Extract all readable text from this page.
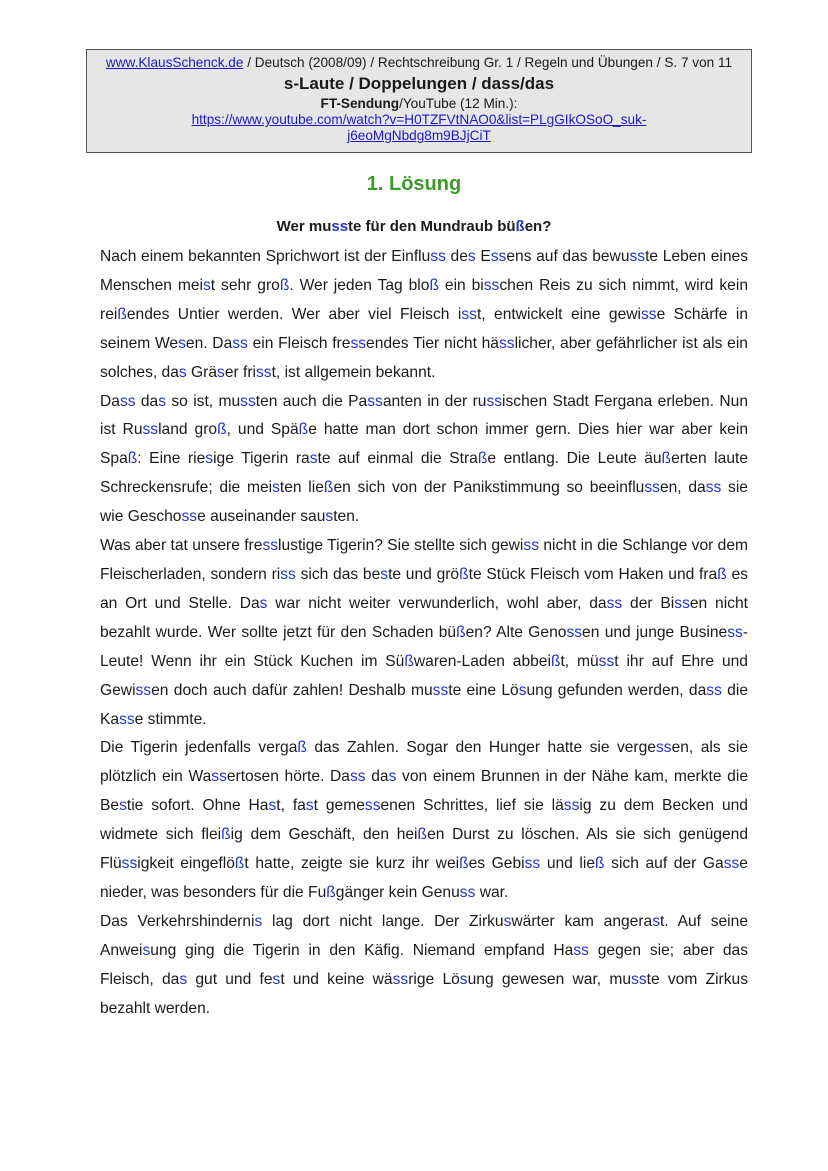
www.KlausSchenck.de / Deutsch (2008/09) / Rechtschreibung Gr. 1 / Regeln und Übungen / S. 7 von 11
s-Laute / Doppelungen / dass/das
FT-Sendung/YouTube (12 Min.):
https://www.youtube.com/watch?v=H0TZFVtNAO0&list=PLgGIkOSoO_suk-j6eoMgNbdg8m9BJjCiT
1. Lösung
Wer musste für den Mundraub büßen?

Nach einem bekannten Sprichwort ist der Einfluss des Essens auf das bewusste Leben eines Menschen meist sehr groß. Wer jeden Tag bloß ein bisschen Reis zu sich nimmt, wird kein reißendes Untier werden. Wer aber viel Fleisch isst, entwickelt eine gewisse Schärfe in seinem Wesen. Dass ein Fleisch fressendes Tier nicht hässlicher, aber gefährlicher ist als ein solches, das Gräser frisst, ist allgemein bekannt.

Dass das so ist, mussten auch die Passanten in der russischen Stadt Fergana erleben. Nun ist Russland groß, und Späße hatte man dort schon immer gern. Dies hier war aber kein Spaß: Eine riesige Tigerin raste auf einmal die Straße entlang. Die Leute äußerten laute Schreckensrufe; die meisten ließen sich von der Panikstimmung so beeinflussen, dass sie wie Geschosse auseinander sausten.

Was aber tat unsere fresslustige Tigerin? Sie stellte sich gewiss nicht in die Schlange vor dem Fleischerladen, sondern riss sich das beste und größte Stück Fleisch vom Haken und fraß es an Ort und Stelle. Das war nicht weiter verwunderlich, wohl aber, dass der Bissen nicht bezahlt wurde. Wer sollte jetzt für den Schaden büßen? Alte Genossen und junge Business-Leute! Wenn ihr ein Stück Kuchen im Süßwaren-Laden abbeißt, müsst ihr auf Ehre und Gewissen doch auch dafür zahlen! Deshalb musste eine Lösung gefunden werden, dass die Kasse stimmte.

Die Tigerin jedenfalls vergaß das Zahlen. Sogar den Hunger hatte sie vergessen, als sie plötzlich ein Wassertosen hörte. Dass das von einem Brunnen in der Nähe kam, merkte die Bestie sofort. Ohne Hast, fast gemessenen Schrittes, lief sie lässig zu dem Becken und widmete sich fleißig dem Geschäft, den heißen Durst zu löschen. Als sie sich genügend Flüssigkeit eingeflößt hatte, zeigte sie kurz ihr weißes Gebiss und ließ sich auf der Gasse nieder, was besonders für die Fußgänger kein Genuss war.

Das Verkehrshindernis lag dort nicht lange. Der Zirkuswärter kam angerast. Auf seine Anweisung ging die Tigerin in den Käfig. Niemand empfand Hass gegen sie; aber das Fleisch, das gut und fest und keine wässrige Lösung gewesen war, musste vom Zirkus bezahlt werden.
